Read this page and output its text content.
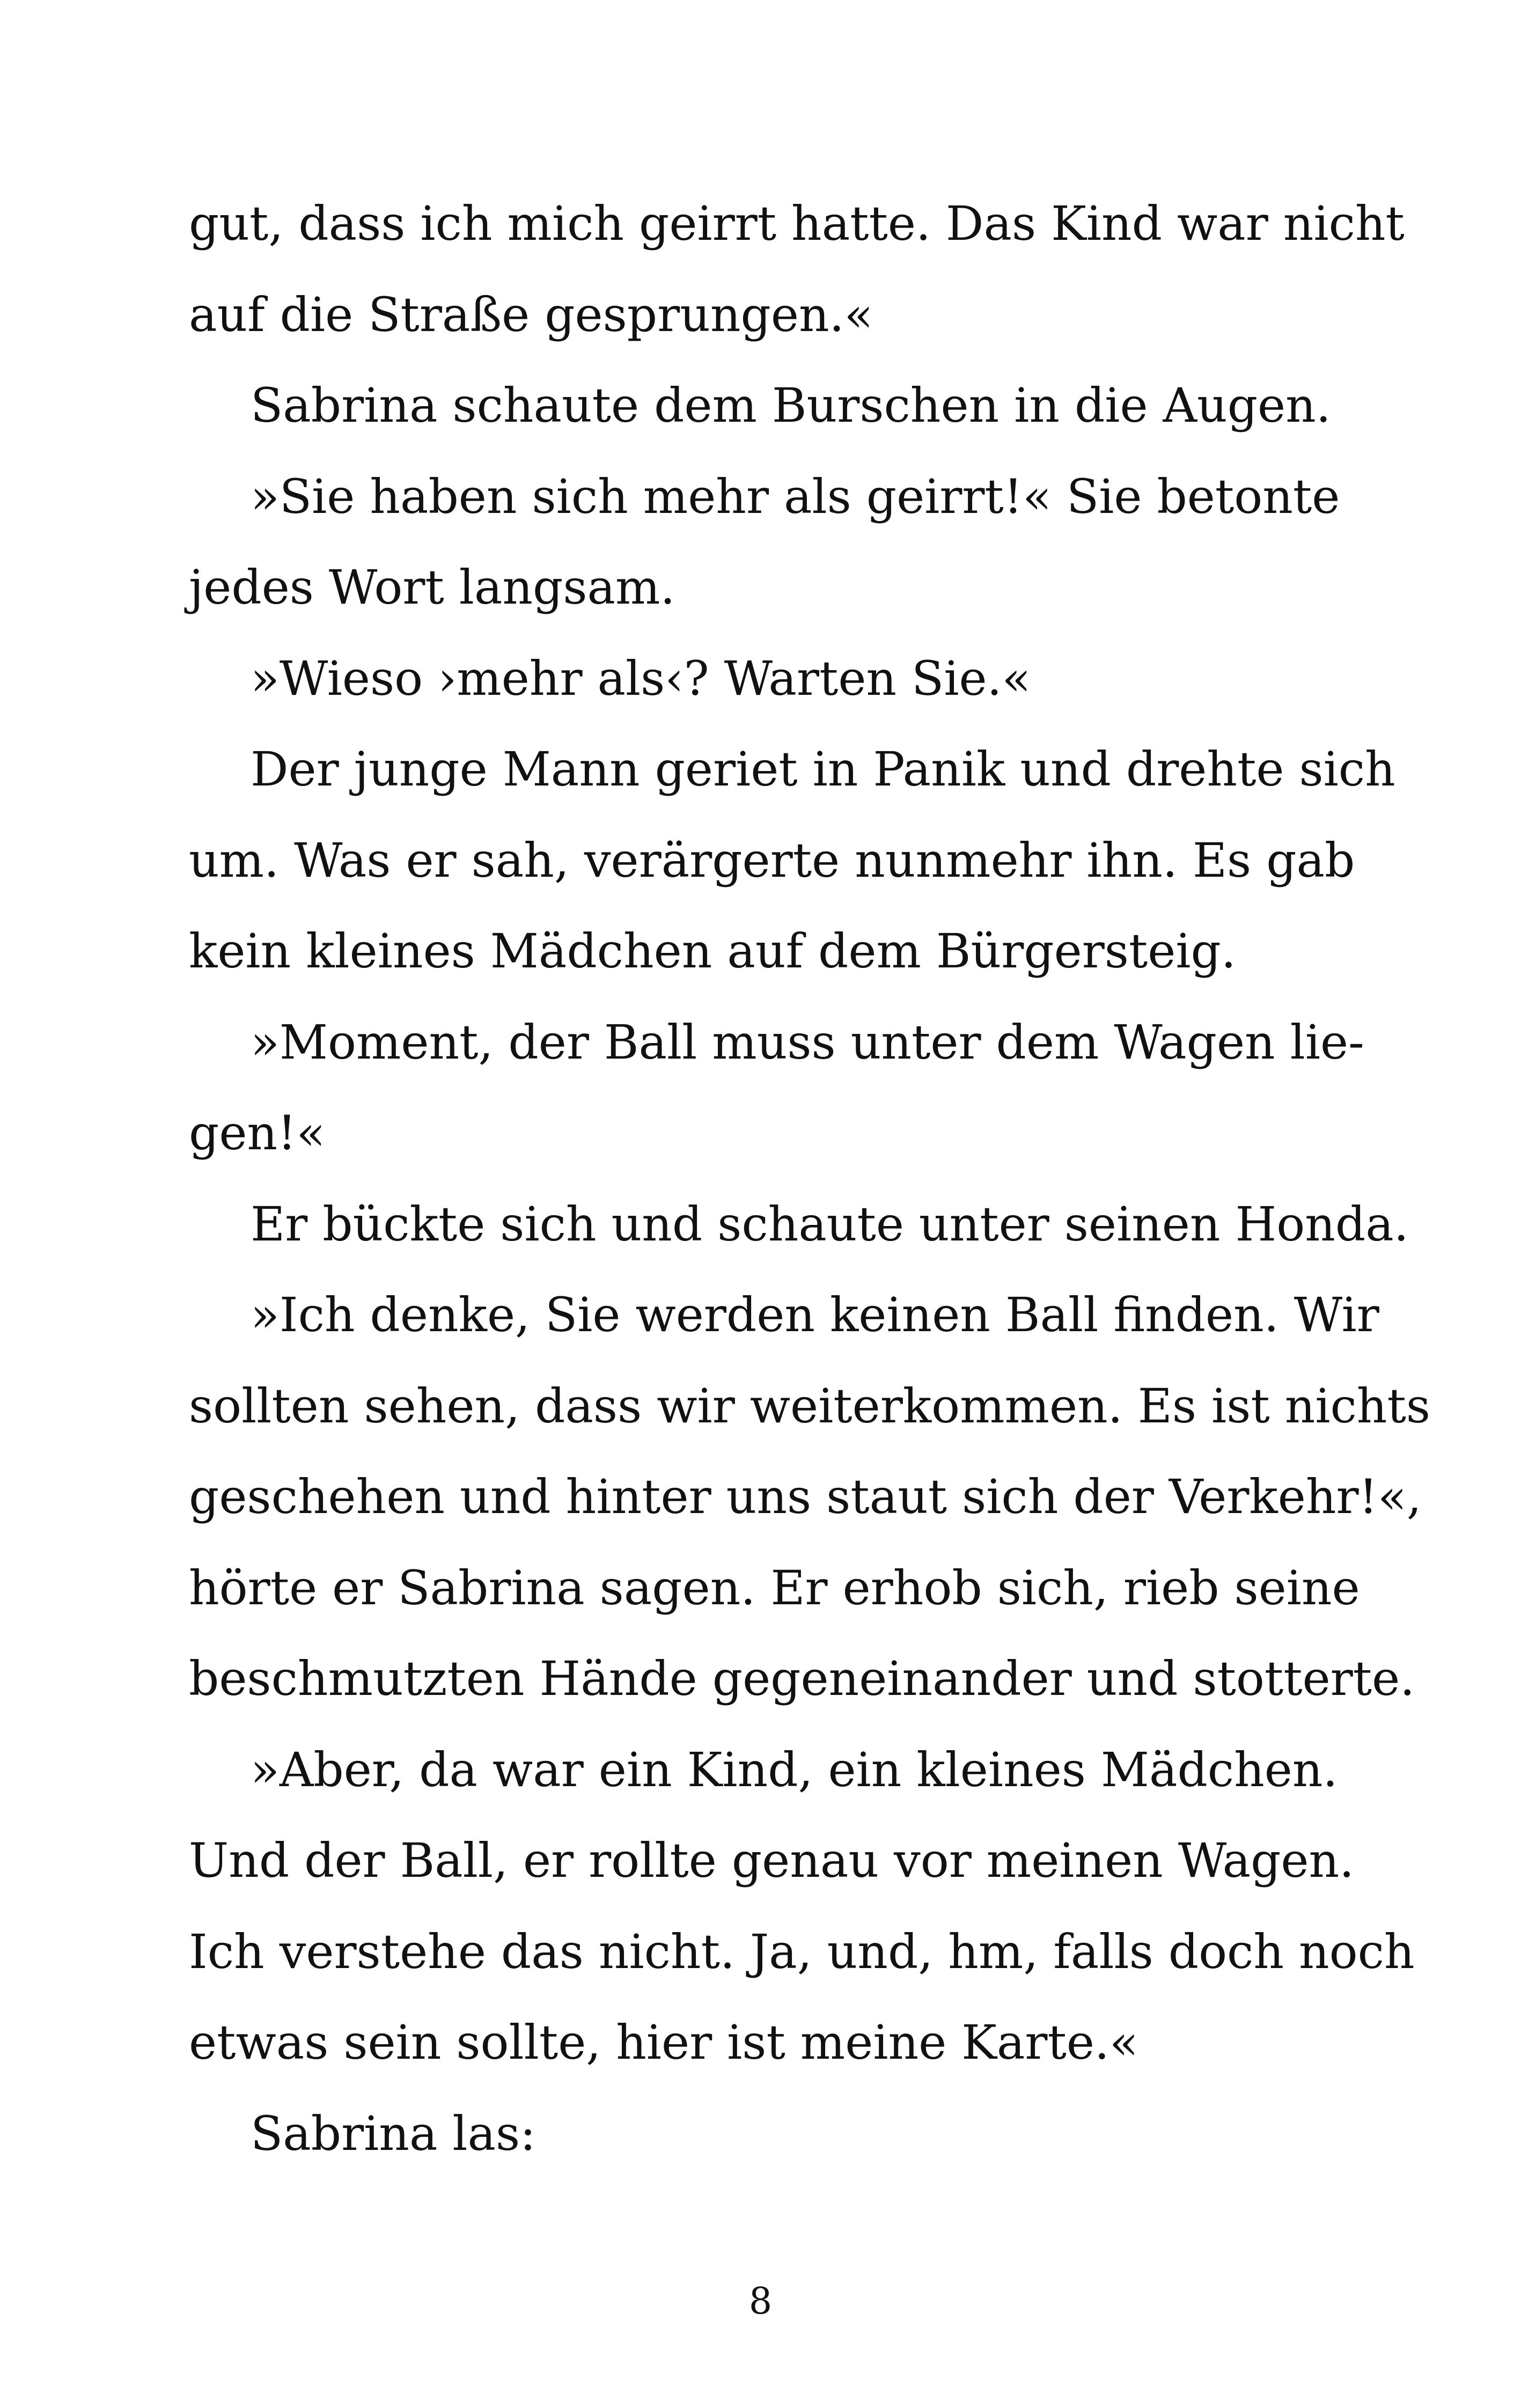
gut, dass ich mich geirrt hatte. Das Kind war nicht
auf die Straße gesprungen.«
Sabrina schaute dem Burschen in die Augen.
»Sie haben sich mehr als geirrt!« Sie betonte
jedes Wort langsam.
»Wieso ›mehr als‹? Warten Sie.«
Der junge Mann geriet in Panik und drehte sich
um. Was er sah, verärgerte nunmehr ihn. Es gab
kein kleines Mädchen auf dem Bürgersteig.
»Moment, der Ball muss unter dem Wagen lie-
gen!«
Er bückte sich und schaute unter seinen Honda.
»Ich denke, Sie werden keinen Ball finden. Wir
sollten sehen, dass wir weiterkommen. Es ist nichts
geschehen und hinter uns staut sich der Verkehr!«,
hörte er Sabrina sagen. Er erhob sich, rieb seine
beschmutzten Hände gegeneinander und stotterte.
»Aber, da war ein Kind, ein kleines Mädchen.
Und der Ball, er rollte genau vor meinen Wagen.
Ich verstehe das nicht. Ja, und, hm, falls doch noch
etwas sein sollte, hier ist meine Karte.«
Sabrina las:
8
